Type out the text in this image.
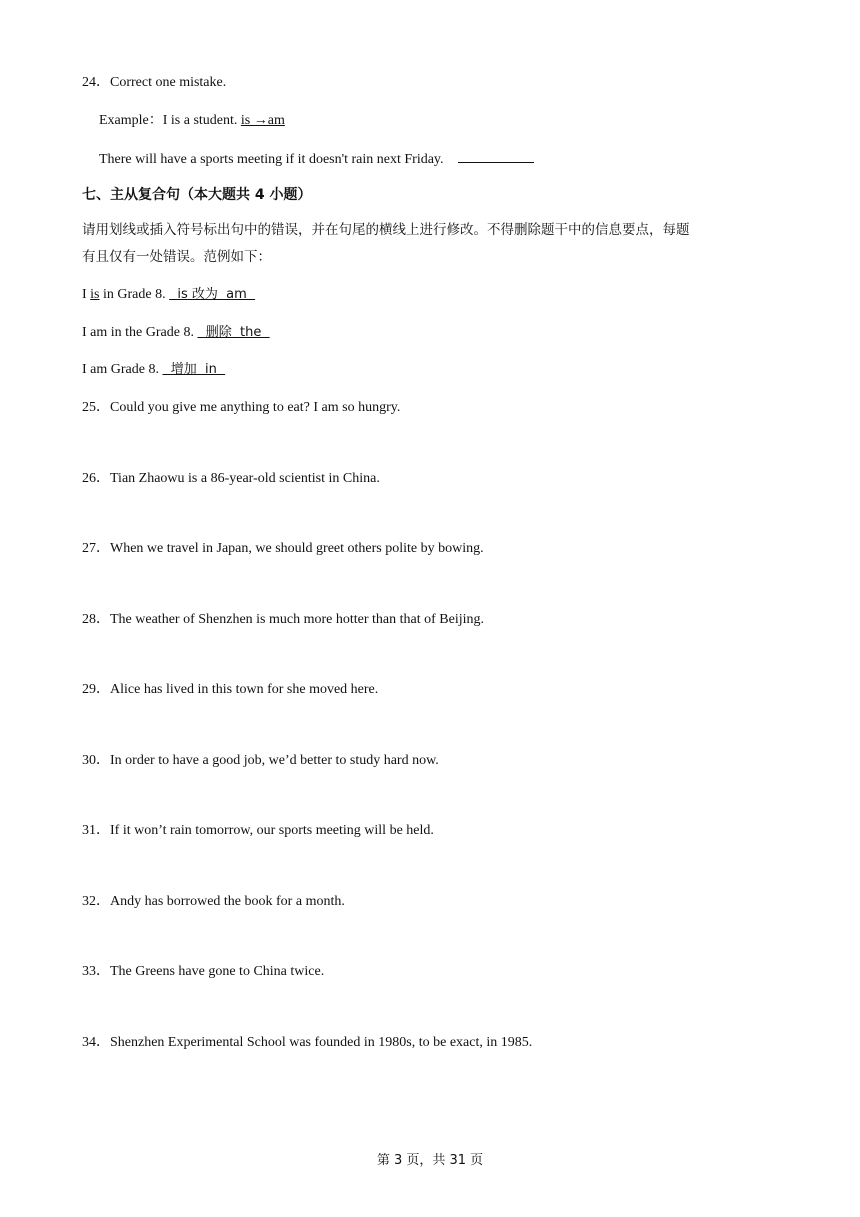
24．Correct one mistake.
Example：I is a student. is →am
There will have a sports meeting if it doesn't rain next Friday.
七、主从复合句（本大题共 4 小题）
请用划线或插入符号标出句中的错误，并在句尾的横线上进行修改。不得删除题干中的信息要点，每题
有且仅有一处错误。范例如下：
I is in Grade 8.   is 改为  am
I am in the Grade 8.   删除  the
I am Grade 8.   增加  in
25．Could you give me anything to eat? I am so hungry.
26．Tian Zhaowu is a 86-year-old scientist in China.
27．When we travel in Japan, we should greet others polite by bowing.
28．The weather of Shenzhen is much more hotter than that of Beijing.
29．Alice has lived in this town for she moved here.
30．In order to have a good job, we’d better to study hard now.
31．If it won’t rain tomorrow, our sports meeting will be held.
32．Andy has borrowed the book for a month.
33．The Greens have gone to China twice.
34．Shenzhen Experimental School was founded in 1980s, to be exact, in 1985.
第 3 页，共 31 页
